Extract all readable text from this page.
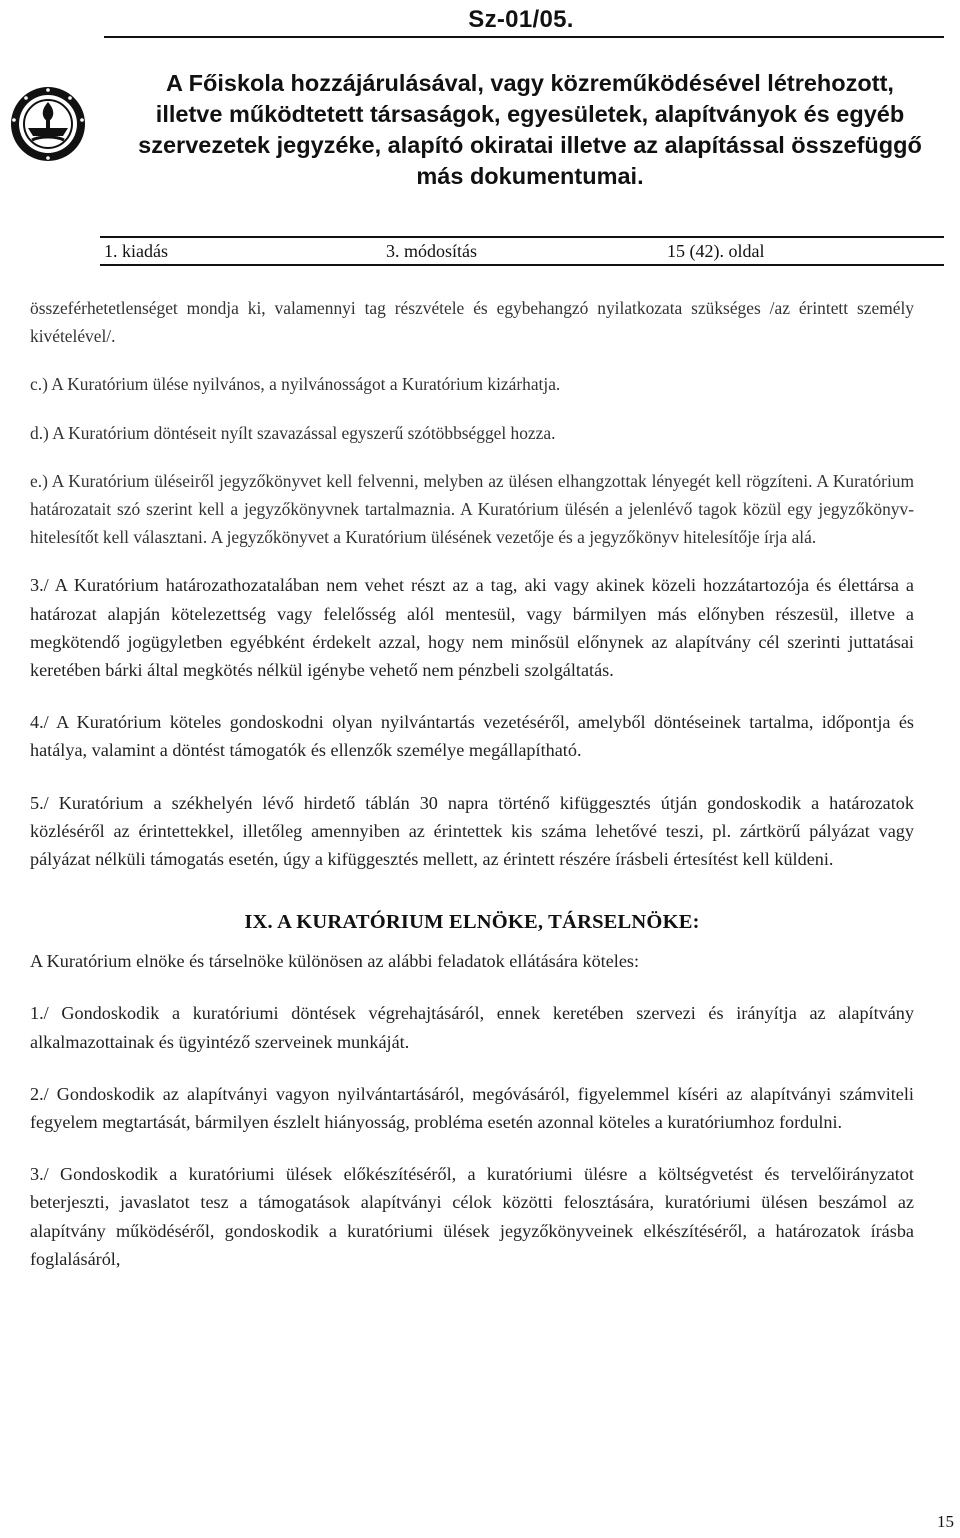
Sz-01/05.
A Főiskola hozzájárulásával, vagy közreműködésével létrehozott, illetve működtetett társaságok, egyesületek, alapítványok és egyéb szervezetek jegyzéke, alapító okiratai illetve az alapítással összefüggő más dokumentumai.
1. kiadás	3. módosítás	15 (42). oldal

összeférhetetlenséget mondja ki, valamennyi tag részvétele és egybehangzó nyilatkozata szükséges /az érintett személy kivételével/.

c.) A Kuratórium ülése nyilvános, a nyilvánosságot a Kuratórium kizárhatja.

d.) A Kuratórium döntéseit nyílt szavazással egyszerű szótöbbséggel hozza.

e.) A Kuratórium üléseiről jegyzőkönyvet kell felvenni, melyben az ülésen elhangzottak lényegét kell rögzíteni. A Kuratórium határozatait szó szerint kell a jegyzőkönyvnek tartalmaznia. A Kuratórium ülésén a jelenlévő tagok közül egy jegyzőkönyv-hitelesítőt kell választani. A jegyzőkönyvet a Kuratórium ülésének vezetője és a jegyzőkönyv hitelesítője írja alá.

3./ A Kuratórium határozathozatalában nem vehet részt az a tag, aki vagy akinek közeli hozzátartozója és élettársa a határozat alapján kötelezettség vagy felelősség alól mentesül, vagy bármilyen más előnyben részesül, illetve a megkötendő jogügyletben egyébként érdekelt azzal, hogy nem minősül előnynek az alapítvány cél szerinti juttatásai keretében bárki által megkötés nélkül igénybe vehető nem pénzbeli szolgáltatás.

4./ A Kuratórium köteles gondoskodni olyan nyilvántartás vezetéséről, amelyből döntéseinek tartalma, időpontja és hatálya, valamint a döntést támogatók és ellenzők személye megállapítható.

5./ Kuratórium a székhelyén lévő hirdető táblán 30 napra történő kifüggesztés útján gondoskodik a határozatok közléséről az érintettekkel, illetőleg amennyiben az érintettek kis száma lehetővé teszi, pl. zártkörű pályázat vagy pályázat nélküli támogatás esetén, úgy a kifüggesztés mellett, az érintett részére írásbeli értesítést kell küldeni.

IX. A KURATÓRIUM ELNÖKE, TÁRSELNÖKE:

A Kuratórium elnöke és társelnöke különösen az alábbi feladatok ellátására köteles:

1./ Gondoskodik a kuratóriumi döntések végrehajtásáról, ennek keretében szervezi és irányítja az alapítvány alkalmazottainak és ügyintéző szerveinek munkáját.

2./ Gondoskodik az alapítványi vagyon nyilvántartásáról, megóvásáról, figyelemmel kíséri az alapítványi számviteli fegyelem megtartását, bármilyen észlelt hiányosság, probléma esetén azonnal köteles a kuratóriumhoz fordulni.

3./ Gondoskodik a kuratóriumi ülések előkészítéséről, a kuratóriumi ülésre a költségvetést és tervelőirányzatot beterjeszti, javaslatot tesz a támogatások alapítványi célok közötti felosztására, kuratóriumi ülésen beszámol az alapítvány működéséről, gondoskodik a kuratóriumi ülések jegyzőkönyveinek elkészítéséről, a határozatok írásba foglalásáról,

15
